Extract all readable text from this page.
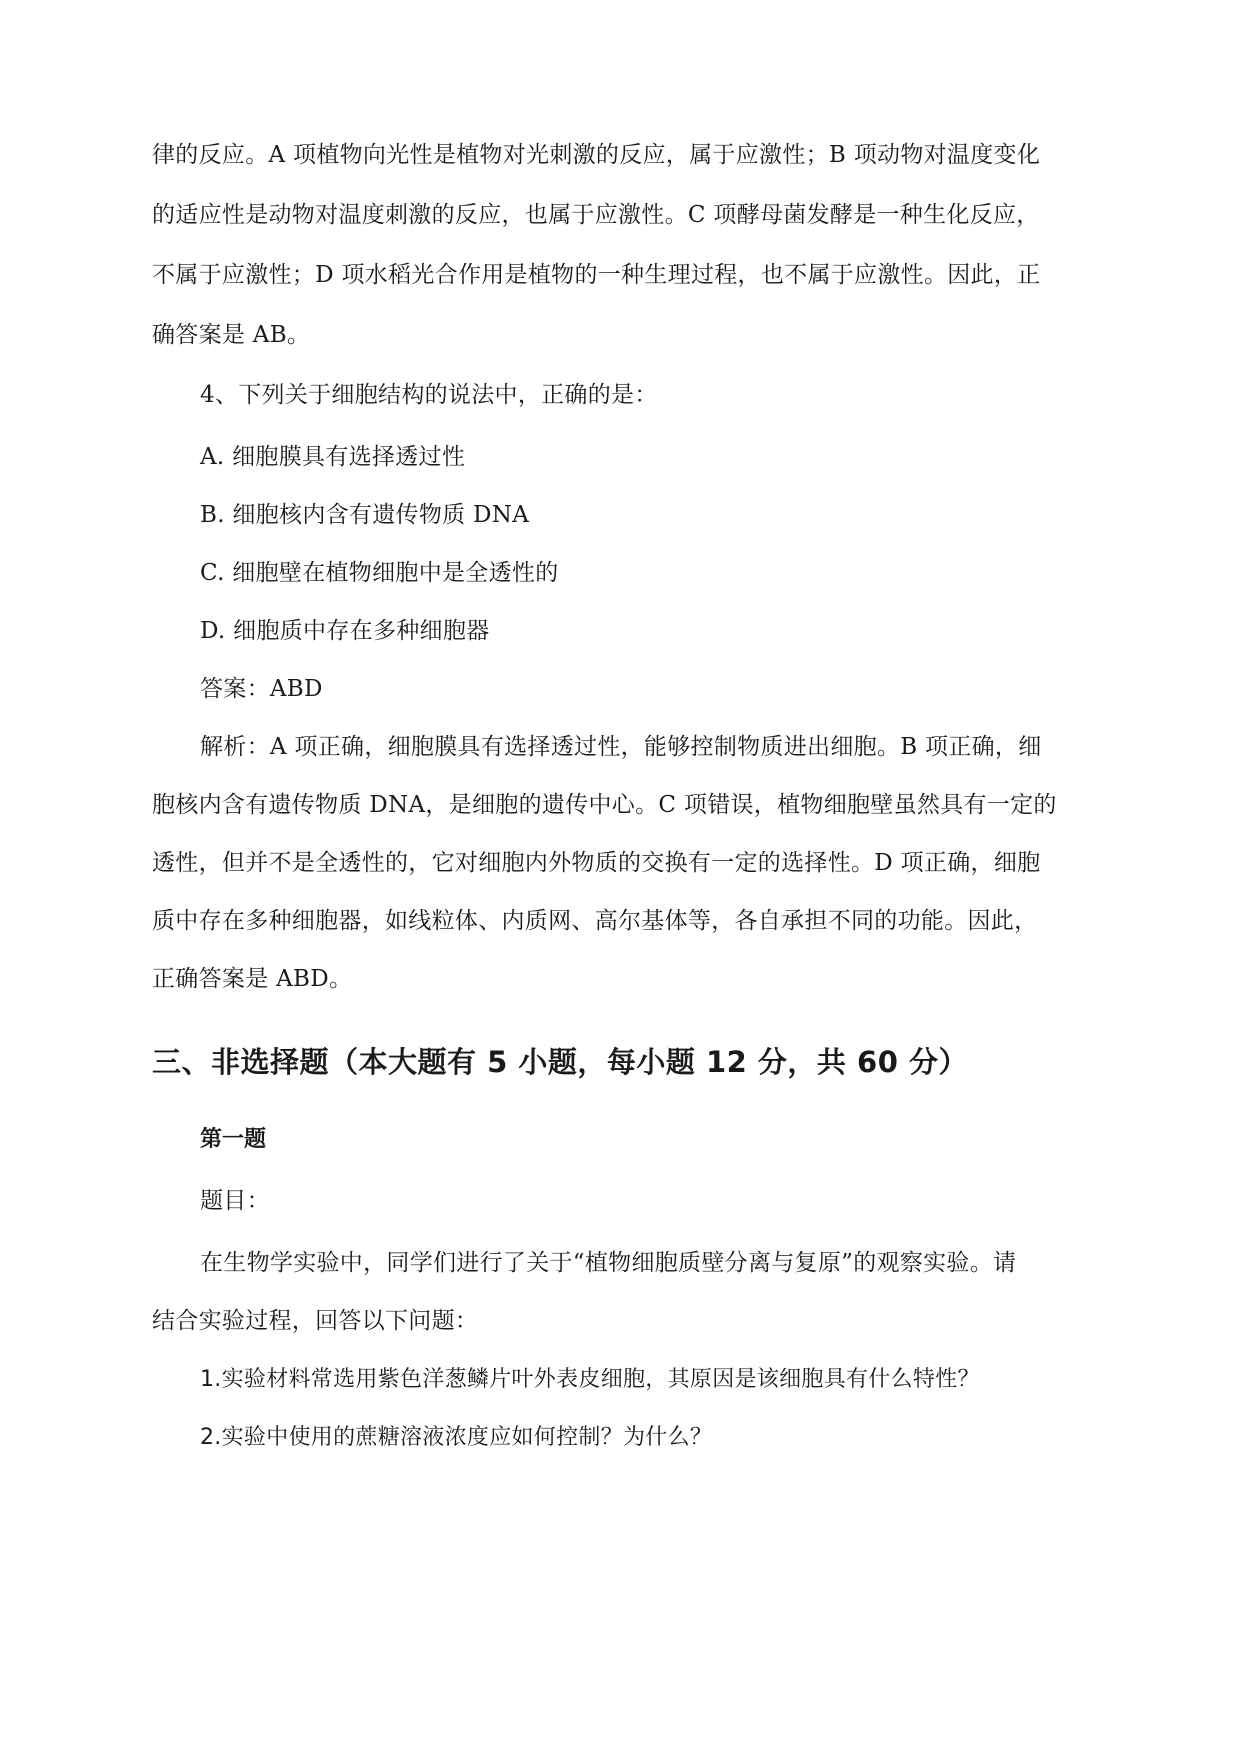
律的反应。A 项植物向光性是植物对光刺激的反应，属于应激性；B 项动物对温度变化

的适应性是动物对温度刺激的反应，也属于应激性。C 项酵母菌发酵是一种生化反应，

不属于应激性；D 项水稻光合作用是植物的一种生理过程，也不属于应激性。因此，正

确答案是 AB。

4、下列关于细胞结构的说法中，正确的是：

A. 细胞膜具有选择透过性

B. 细胞核内含有遗传物质 DNA

C. 细胞壁在植物细胞中是全透性的

D. 细胞质中存在多种细胞器

答案：ABD

解析：A 项正确，细胞膜具有选择透过性，能够控制物质进出细胞。B 项正确，细

胞核内含有遗传物质 DNA，是细胞的遗传中心。C 项错误，植物细胞壁虽然具有一定的

透性，但并不是全透性的，它对细胞内外物质的交换有一定的选择性。D 项正确，细胞

质中存在多种细胞器，如线粒体、内质网、高尔基体等，各自承担不同的功能。因此，

正确答案是 ABD。

三、非选择题（本大题有 5 小题，每小题 12 分，共 60 分）
第一题

题目：

在生物学实验中，同学们进行了关于“植物细胞质壁分离与复原”的观察实验。请

结合实验过程，回答以下问题：

1.实验材料常选用紫色洋葱鳞片叶外表皮细胞，其原因是该细胞具有什么特性？

2.实验中使用的蔗糖溶液浓度应如何控制？为什么？
